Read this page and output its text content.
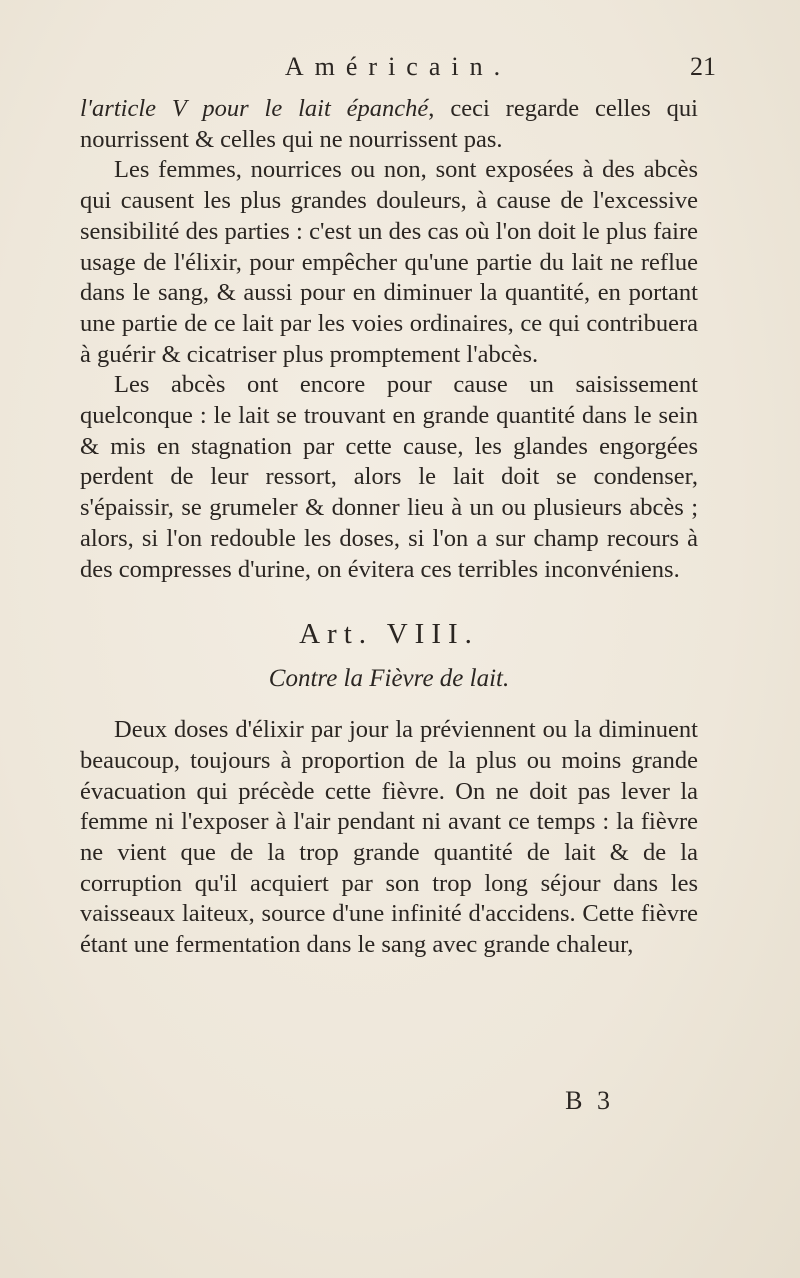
Américain.	21

l'article V pour le lait épanché, ceci regarde celles qui nourrissent & celles qui ne nourrissent pas.

Les femmes, nourrices ou non, sont exposées à des abcès qui causent les plus grandes douleurs, à cause de l'excessive sensibilité des parties : c'est un des cas où l'on doit le plus faire usage de l'élixir, pour empêcher qu'une partie du lait ne reflue dans le sang, & aussi pour en diminuer la quantité, en portant une partie de ce lait par les voies ordinaires, ce qui contribuera à guérir & cicatriser plus promptement l'abcès.

Les abcès ont encore pour cause un saisissement quelconque : le lait se trouvant en grande quantité dans le sein & mis en stagnation par cette cause, les glandes engorgées perdent de leur ressort, alors le lait doit se condenser, s'épaissir, se grumeler & donner lieu à un ou plusieurs abcès ; alors, si l'on redouble les doses, si l'on a sur champ recours à des compresses d'urine, on évitera ces terribles inconvéniens.

Art. VIII.
Contre la Fièvre de lait.

Deux doses d'élixir par jour la préviennent ou la diminuent beaucoup, toujours à proportion de la plus ou moins grande évacuation qui précède cette fièvre. On ne doit pas lever la femme ni l'exposer à l'air pendant ni avant ce temps : la fièvre ne vient que de la trop grande quantité de lait & de la corruption qu'il acquiert par son trop long séjour dans les vaisseaux laiteux, source d'une infinité d'accidens. Cette fièvre étant une fermentation dans le sang avec grande chaleur,

B 3
